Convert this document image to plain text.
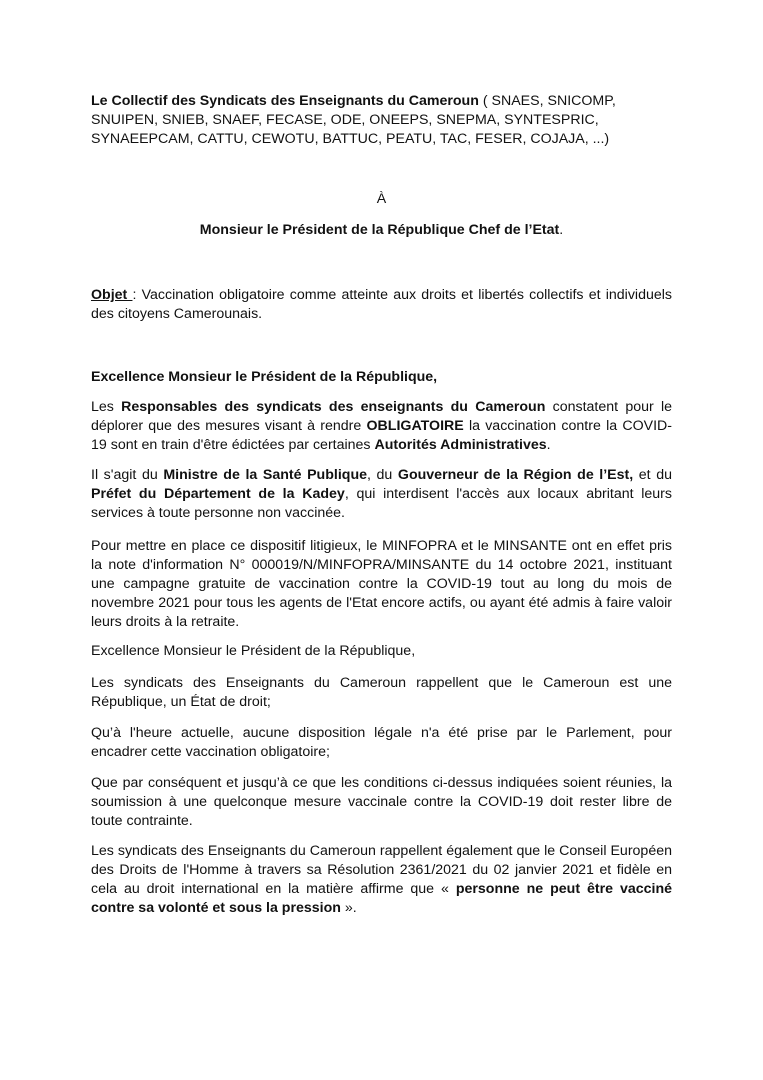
Le Collectif des Syndicats des Enseignants du Cameroun ( SNAES, SNICOMP, SNUIPEN, SNIEB, SNAEF, FECASE, ODE, ONEEPS, SNEPMA, SYNTESPRIC, SYNAEEPCAM, CATTU, CEWOTU, BATTUC, PEATU, TAC, FESER, COJAJA, ...)

À

Monsieur le Président de la République Chef de l’Etat.

Objet : Vaccination obligatoire comme atteinte aux droits et libertés collectifs et individuels des citoyens Camerounais.

Excellence Monsieur le Président de la République,

Les Responsables des syndicats des enseignants du Cameroun constatent pour le déplorer que des mesures visant à rendre OBLIGATOIRE la vaccination contre la COVID-19 sont en train d'être édictées par certaines Autorités Administratives.

Il s'agit du Ministre de la Santé Publique, du Gouverneur de la Région de l’Est, et du Préfet du Département de la Kadey, qui interdisent l'accès aux locaux abritant leurs services à toute personne non vaccinée.

Pour mettre en place ce dispositif litigieux, le MINFOPRA et le MINSANTE ont en effet pris la note d'information N° 000019/N/MINFOPRA/MINSANTE du 14 octobre 2021, instituant une campagne gratuite de vaccination contre la COVID-19 tout au long du mois de novembre 2021 pour tous les agents de l'Etat encore actifs, ou ayant été admis à faire valoir leurs droits à la retraite.

Excellence Monsieur le Président de la République,

Les syndicats des Enseignants du Cameroun rappellent que le Cameroun est une République, un État de droit;

Qu’à l'heure actuelle, aucune disposition légale n'a été prise par le Parlement, pour encadrer cette vaccination obligatoire;

Que par conséquent et jusqu’à ce que les conditions ci-dessus indiquées soient réunies, la soumission à une quelconque mesure vaccinale contre la COVID-19 doit rester libre de toute contrainte.

Les syndicats des Enseignants du Cameroun rappellent également que le Conseil Européen des Droits de l'Homme à travers sa Résolution 2361/2021 du 02 janvier 2021 et fidèle en cela au droit international en la matière affirme que « personne ne peut être vacciné contre sa volonté et sous la pression ».
